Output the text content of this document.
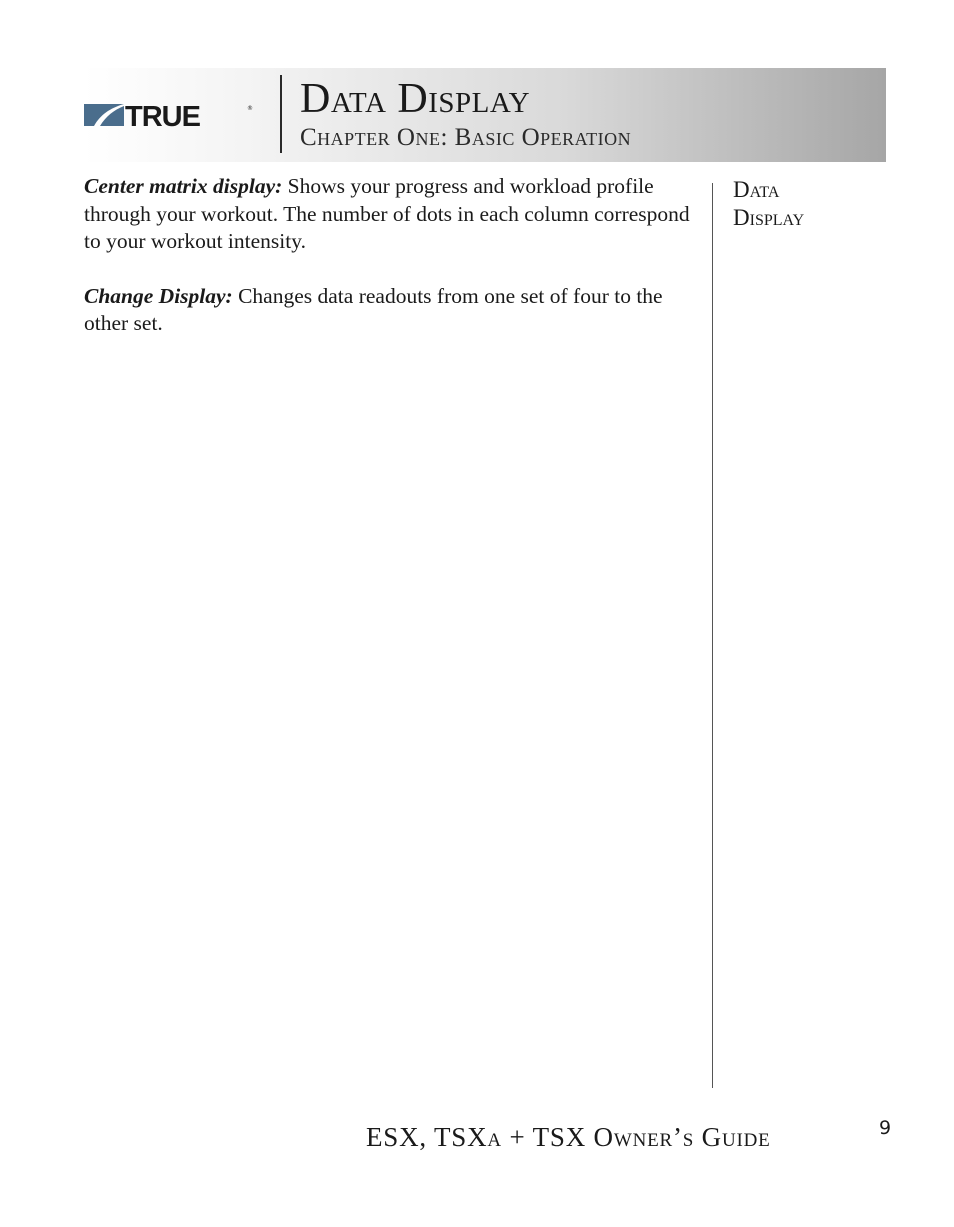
TRUE	® Data Display
Chapter One: Basic Operation

Center matrix display: Shows your progress and workload profile through your workout. The number of dots in each column correspond to your workout intensity.

Change Display: Changes data readouts from one set of four to the other set.

Data
Display
ESX, TSXa + TSX Owner’s Guide	9
